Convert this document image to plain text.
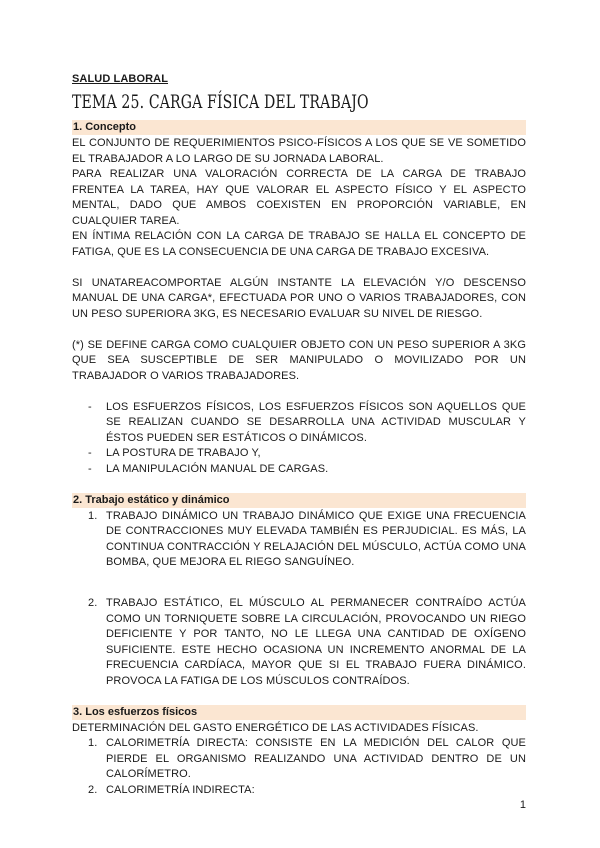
SALUD LABORAL
TEMA 25. CARGA FÍSICA DEL TRABAJO
1. Concepto

EL CONJUNTO DE REQUERIMIENTOS PSICO-FÍSICOS A LOS QUE SE VE SOMETIDO EL TRABAJADOR A LO LARGO DE SU JORNADA LABORAL.

PARA REALIZAR UNA VALORACIÓN CORRECTA DE LA CARGA DE TRABAJO FRENTEA LA TAREA, HAY QUE VALORAR EL ASPECTO FÍSICO Y EL ASPECTO MENTAL, DADO QUE AMBOS COEXISTEN EN PROPORCIÓN VARIABLE, EN CUALQUIER TAREA.

EN ÍNTIMA RELACIÓN CON LA CARGA DE TRABAJO SE HALLA EL CONCEPTO DE FATIGA, QUE ES LA CONSECUENCIA DE UNA CARGA DE TRABAJO EXCESIVA.

SI UNATAREACOMPORTAE ALGÚN INSTANTE LA ELEVACIÓN Y/O DESCENSO MANUAL DE UNA CARGA*, EFECTUADA POR UNO O VARIOS TRABAJADORES, CON UN PESO SUPERIORA 3KG, ES NECESARIO EVALUAR SU NIVEL DE RIESGO.

(*) SE DEFINE CARGA COMO CUALQUIER OBJETO CON UN PESO SUPERIOR A 3KG QUE SEA SUSCEPTIBLE DE SER MANIPULADO O MOVILIZADO POR UN TRABAJADOR O VARIOS TRABAJADORES.

- LOS ESFUERZOS FÍSICOS, LOS ESFUERZOS FÍSICOS SON AQUELLOS QUE SE REALIZAN CUANDO SE DESARROLLA UNA ACTIVIDAD MUSCULAR Y ÉSTOS PUEDEN SER ESTÁTICOS O DINÁMICOS.
- LA POSTURA DE TRABAJO Y,
- LA MANIPULACIÓN MANUAL DE CARGAS.
2. Trabajo estático y dinámico
1. TRABAJO DINÁMICO UN TRABAJO DINÁMICO QUE EXIGE UNA FRECUENCIA DE CONTRACCIONES MUY ELEVADA TAMBIÉN ES PERJUDICIAL. ES MÁS, LA CONTINUA CONTRACCIÓN Y RELAJACIÓN DEL MÚSCULO, ACTÚA COMO UNA BOMBA, QUE MEJORA EL RIEGO SANGUÍNEO.
2. TRABAJO ESTÁTICO, EL MÚSCULO AL PERMANECER CONTRAÍDO ACTÚA COMO UN TORNIQUETE SOBRE LA CIRCULACIÓN, PROVOCANDO UN RIEGO DEFICIENTE Y POR TANTO, NO LE LLEGA UNA CANTIDAD DE OXÍGENO SUFICIENTE. ESTE HECHO OCASIONA UN INCREMENTO ANORMAL DE LA FRECUENCIA CARDÍACA, MAYOR QUE SI EL TRABAJO FUERA DINÁMICO. PROVOCA LA FATIGA DE LOS MÚSCULOS CONTRAÍDOS.
3. Los esfuerzos físicos

DETERMINACIÓN DEL GASTO ENERGÉTICO DE LAS ACTIVIDADES FÍSICAS.

1. CALORIMETRÍA DIRECTA: CONSISTE EN LA MEDICIÓN DEL CALOR QUE PIERDE EL ORGANISMO REALIZANDO UNA ACTIVIDAD DENTRO DE UN CALORÍMETRO.
2. CALORIMETRÍA INDIRECTA:
1
